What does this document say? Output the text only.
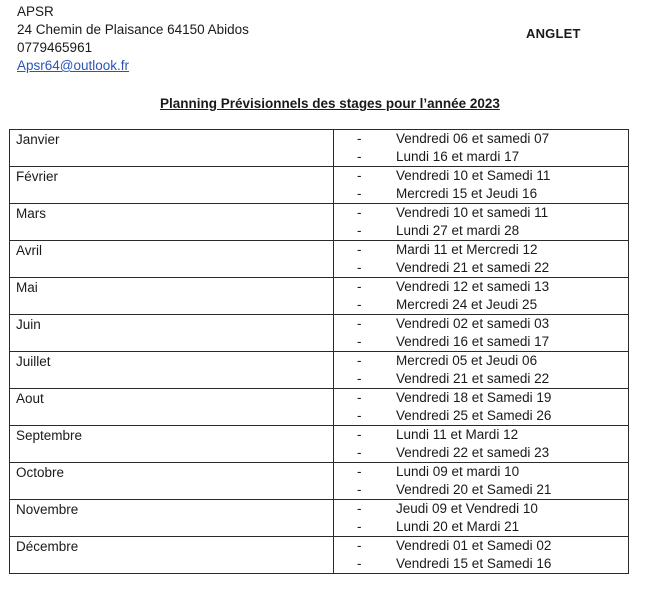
APSR
24 Chemin de Plaisance 64150 Abidos
0779465961
Apsr64@outlook.fr
ANGLET
Planning Prévisionnels des stages pour l’année 2023
Janvier	- Vendredi 06 et samedi 07
- Lundi 16 et mardi 17

Février	- Vendredi 10 et Samedi 11
- Mercredi 15 et Jeudi 16

Mars	- Vendredi 10 et samedi 11
- Lundi 27 et mardi 28

Avril	- Mardi 11 et Mercredi 12
- Vendredi 21 et samedi 22

Mai	- Vendredi 12 et samedi 13
- Mercredi 24 et Jeudi 25

Juin	- Vendredi 02 et samedi 03
- Vendredi 16 et samedi 17

Juillet	- Mercredi 05 et Jeudi 06
- Vendredi 21 et samedi 22

Aout	- Vendredi 18 et Samedi 19
- Vendredi 25 et Samedi 26

Septembre	- Lundi 11 et Mardi 12
- Vendredi 22 et samedi 23

Octobre	- Lundi 09 et mardi 10
- Vendredi 20 et Samedi 21

Novembre	- Jeudi 09 et Vendredi 10
- Lundi 20 et Mardi 21

Décembre	- Vendredi 01 et Samedi 02
- Vendredi 15 et Samedi 16
